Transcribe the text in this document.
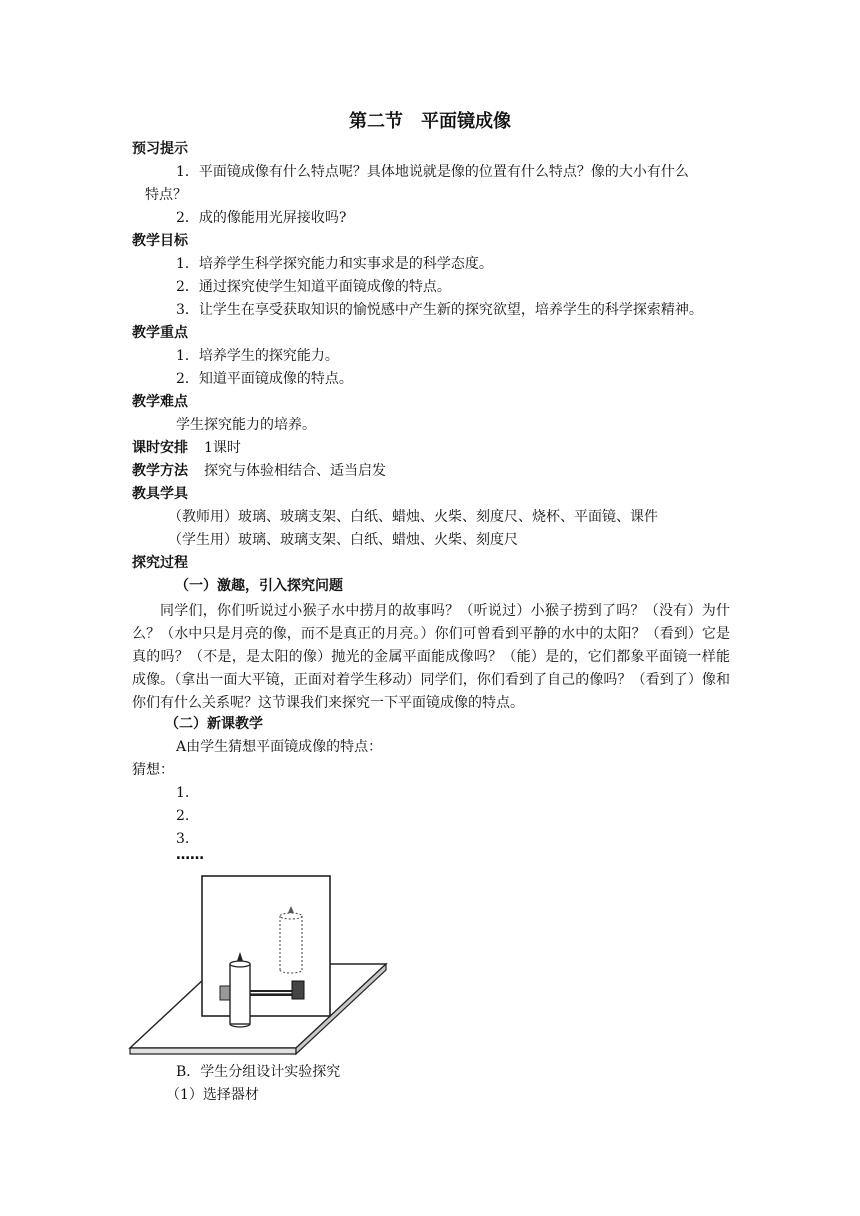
第二节　平面镜成像
预习提示
1．平面镜成像有什么特点呢？具体地说就是像的位置有什么特点？像的大小有什么
特点？
2．成的像能用光屏接收吗?
教学目标
1．培养学生科学探究能力和实事求是的科学态度。
2．通过探究使学生知道平面镜成像的特点。
3．让学生在享受获取知识的愉悦感中产生新的探究欲望，培养学生的科学探索精神。
教学重点
1．培养学生的探究能力。
2．知道平面镜成像的特点。
教学难点
学生探究能力的培养。
课时安排 1课时
教学方法 探究与体验相结合、适当启发
教具学具
（教师用）玻璃、玻璃支架、白纸、蜡烛、火柴、刻度尺、烧杯、平面镜、课件
（学生用）玻璃、玻璃支架、白纸、蜡烛、火柴、刻度尺
探究过程
（一）激趣，引入探究问题
同学们，你们听说过小猴子水中捞月的故事吗？（听说过）小猴子捞到了吗？（没有）为什么？（水中只是月亮的像，而不是真正的月亮。）你们可曾看到平静的水中的太阳？（看到）它是真的吗？（不是，是太阳的像）抛光的金属平面能成像吗？（能）是的，它们都象平面镜一样能成像。（拿出一面大平镜，正面对着学生移动）同学们，你们看到了自己的像吗？（看到了）像和你们有什么关系呢？这节课我们来探究一下平面镜成像的特点。
（二）新课教学
A由学生猜想平面镜成像的特点：
猜想：
1.
2.
3.
……
B．学生分组设计实验探究
（1）选择器材
